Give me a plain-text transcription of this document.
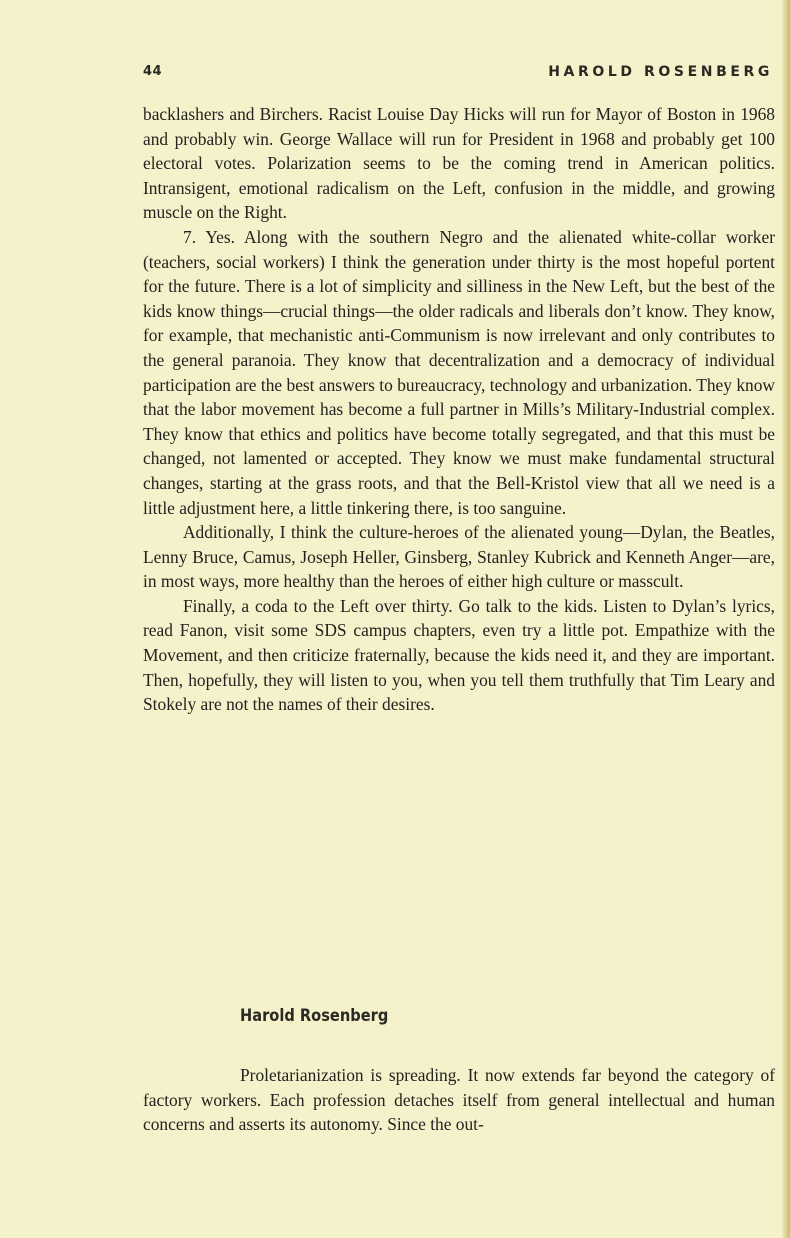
44	HAROLD ROSENBERG

backlashers and Birchers. Racist Louise Day Hicks will run for Mayor of Boston in 1968 and probably win. George Wallace will run for President in 1968 and probably get 100 electoral votes. Polarization seems to be the coming trend in American politics. Intransigent, emotional radicalism on the Left, confusion in the middle, and growing muscle on the Right.

7. Yes. Along with the southern Negro and the alienated white-collar worker (teachers, social workers) I think the generation under thirty is the most hopeful portent for the future. There is a lot of simplicity and silliness in the New Left, but the best of the kids know things—crucial things—the older radicals and liberals don’t know. They know, for example, that mechanistic anti-Communism is now irrelevant and only contributes to the general paranoia. They know that decentralization and a democracy of individual participation are the best answers to bureaucracy, technology and urbanization. They know that the labor movement has become a full partner in Mills’s Military-Industrial complex. They know that ethics and politics have become totally segregated, and that this must be changed, not lamented or accepted. They know we must make fundamental structural changes, starting at the grass roots, and that the Bell-Kristol view that all we need is a little adjustment here, a little tinkering there, is too sanguine.

Additionally, I think the culture-heroes of the alienated young—Dylan, the Beatles, Lenny Bruce, Camus, Joseph Heller, Ginsberg, Stanley Kubrick and Kenneth Anger—are, in most ways, more healthy than the heroes of either high culture or masscult.

Finally, a coda to the Left over thirty. Go talk to the kids. Listen to Dylan’s lyrics, read Fanon, visit some SDS campus chapters, even try a little pot. Empathize with the Movement, and then criticize fraternally, because the kids need it, and they are important. Then, hopefully, they will listen to you, when you tell them truthfully that Tim Leary and Stokely are not the names of their desires.

Harold Rosenberg

Proletarianization is spreading. It now extends far beyond the category of factory workers. Each profession detaches itself from general intellectual and human concerns and asserts its autonomy. Since the out-
